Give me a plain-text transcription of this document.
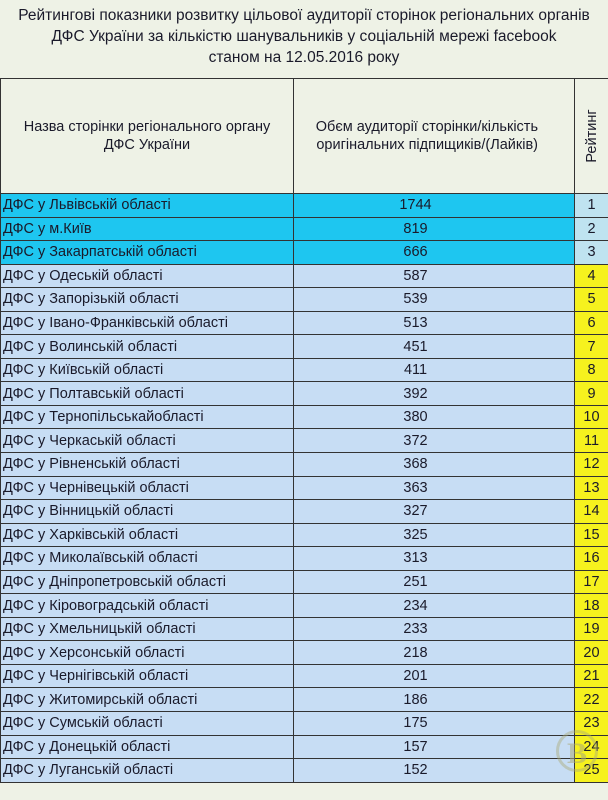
Рейтингові показники розвитку цільової аудиторії сторінок регіональних органів
ДФС України за кількістю шанувальників у соціальній мережі facebook
станом на 12.05.2016 року
Назва сторінки регіонального органу ДФС України	Обєм аудиторії сторінки/кількість оригінальних підпищиків/(Лайків)	Рейтинг

ДФС у Львівській області	1744	1
ДФС у м.Київ	819	2
ДФС у Закарпатській області	666	3
ДФС у Одеській області	587	4
ДФС у Запорізькій області	539	5
ДФС у Івано-Франківській області	513	6
ДФС у Волинській області	451	7
ДФС у Київській області	411	8
ДФС у Полтавській області	392	9
ДФС у Тернопільськайобласті	380	10
ДФС у Черкаській області	372	11
ДФС у Рівненській області	368	12
ДФС у Чернівецькій області	363	13
ДФС у Вінницькій області	327	14
ДФС у Харківській області	325	15
ДФС у Миколаївській області	313	16
ДФС у Дніпропетровській області	251	17
ДФС у Кіровоградській області	234	18
ДФС у Хмельницькій області	233	19
ДФС у Херсонській області	218	20
ДФС у Чернігівській області	201	21
ДФС у Житомирській області	186	22
ДФС у Сумській області	175	23
ДФС у Донецькій області	157	24
ДФС у Луганській області	152	25
В
